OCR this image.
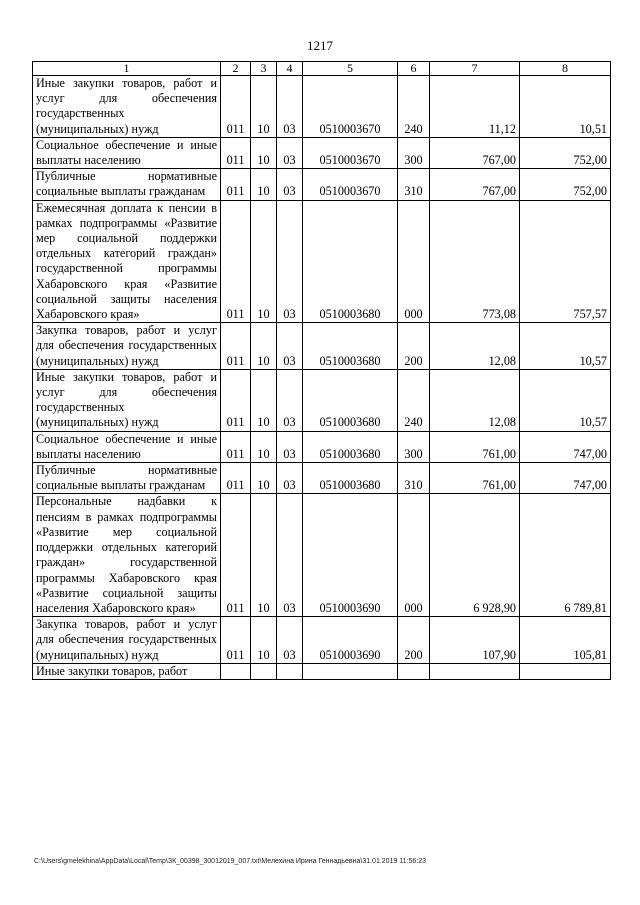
1217
1	2	3	4	5	6	7	8
Иные закупки товаров, работ и услуг для обеспечения государственных (муниципальных) нужд	011	10	03	0510003670	240	11,12	10,51
Социальное обеспечение и иные выплаты населению	011	10	03	0510003670	300	767,00	752,00
Публичные нормативные социальные выплаты гражданам	011	10	03	0510003670	310	767,00	752,00
Ежемесячная доплата к пенсии в рамках подпрограммы «Развитие мер социальной поддержки отдельных категорий граждан» государственной программы Хабаровского края «Развитие социальной защиты населения Хабаровского края»	011	10	03	0510003680	000	773,08	757,57
Закупка товаров, работ и услуг для обеспечения государственных (муниципальных) нужд	011	10	03	0510003680	200	12,08	10,57
Иные закупки товаров, работ и услуг для обеспечения государственных (муниципальных) нужд	011	10	03	0510003680	240	12,08	10,57
Социальное обеспечение и иные выплаты населению	011	10	03	0510003680	300	761,00	747,00
Публичные нормативные социальные выплаты гражданам	011	10	03	0510003680	310	761,00	747,00
Персональные надбавки к пенсиям в рамках подпрограммы «Развитие мер социальной поддержки отдельных категорий граждан» государственной программы Хабаровского края «Развитие социальной защиты населения Хабаровского края»	011	10	03	0510003690	000	6 928,90	6 789,81
Закупка товаров, работ и услуг для обеспечения государственных (муниципальных) нужд	011	10	03	0510003690	200	107,90	105,81
Иные закупки товаров, работ							
C:\Users\gmelekhina\AppData\Local\Temp\ЗК_00398_30012019_007.txt\Мелехина Ирина Геннадьевна\31.01.2019 11:56:23
